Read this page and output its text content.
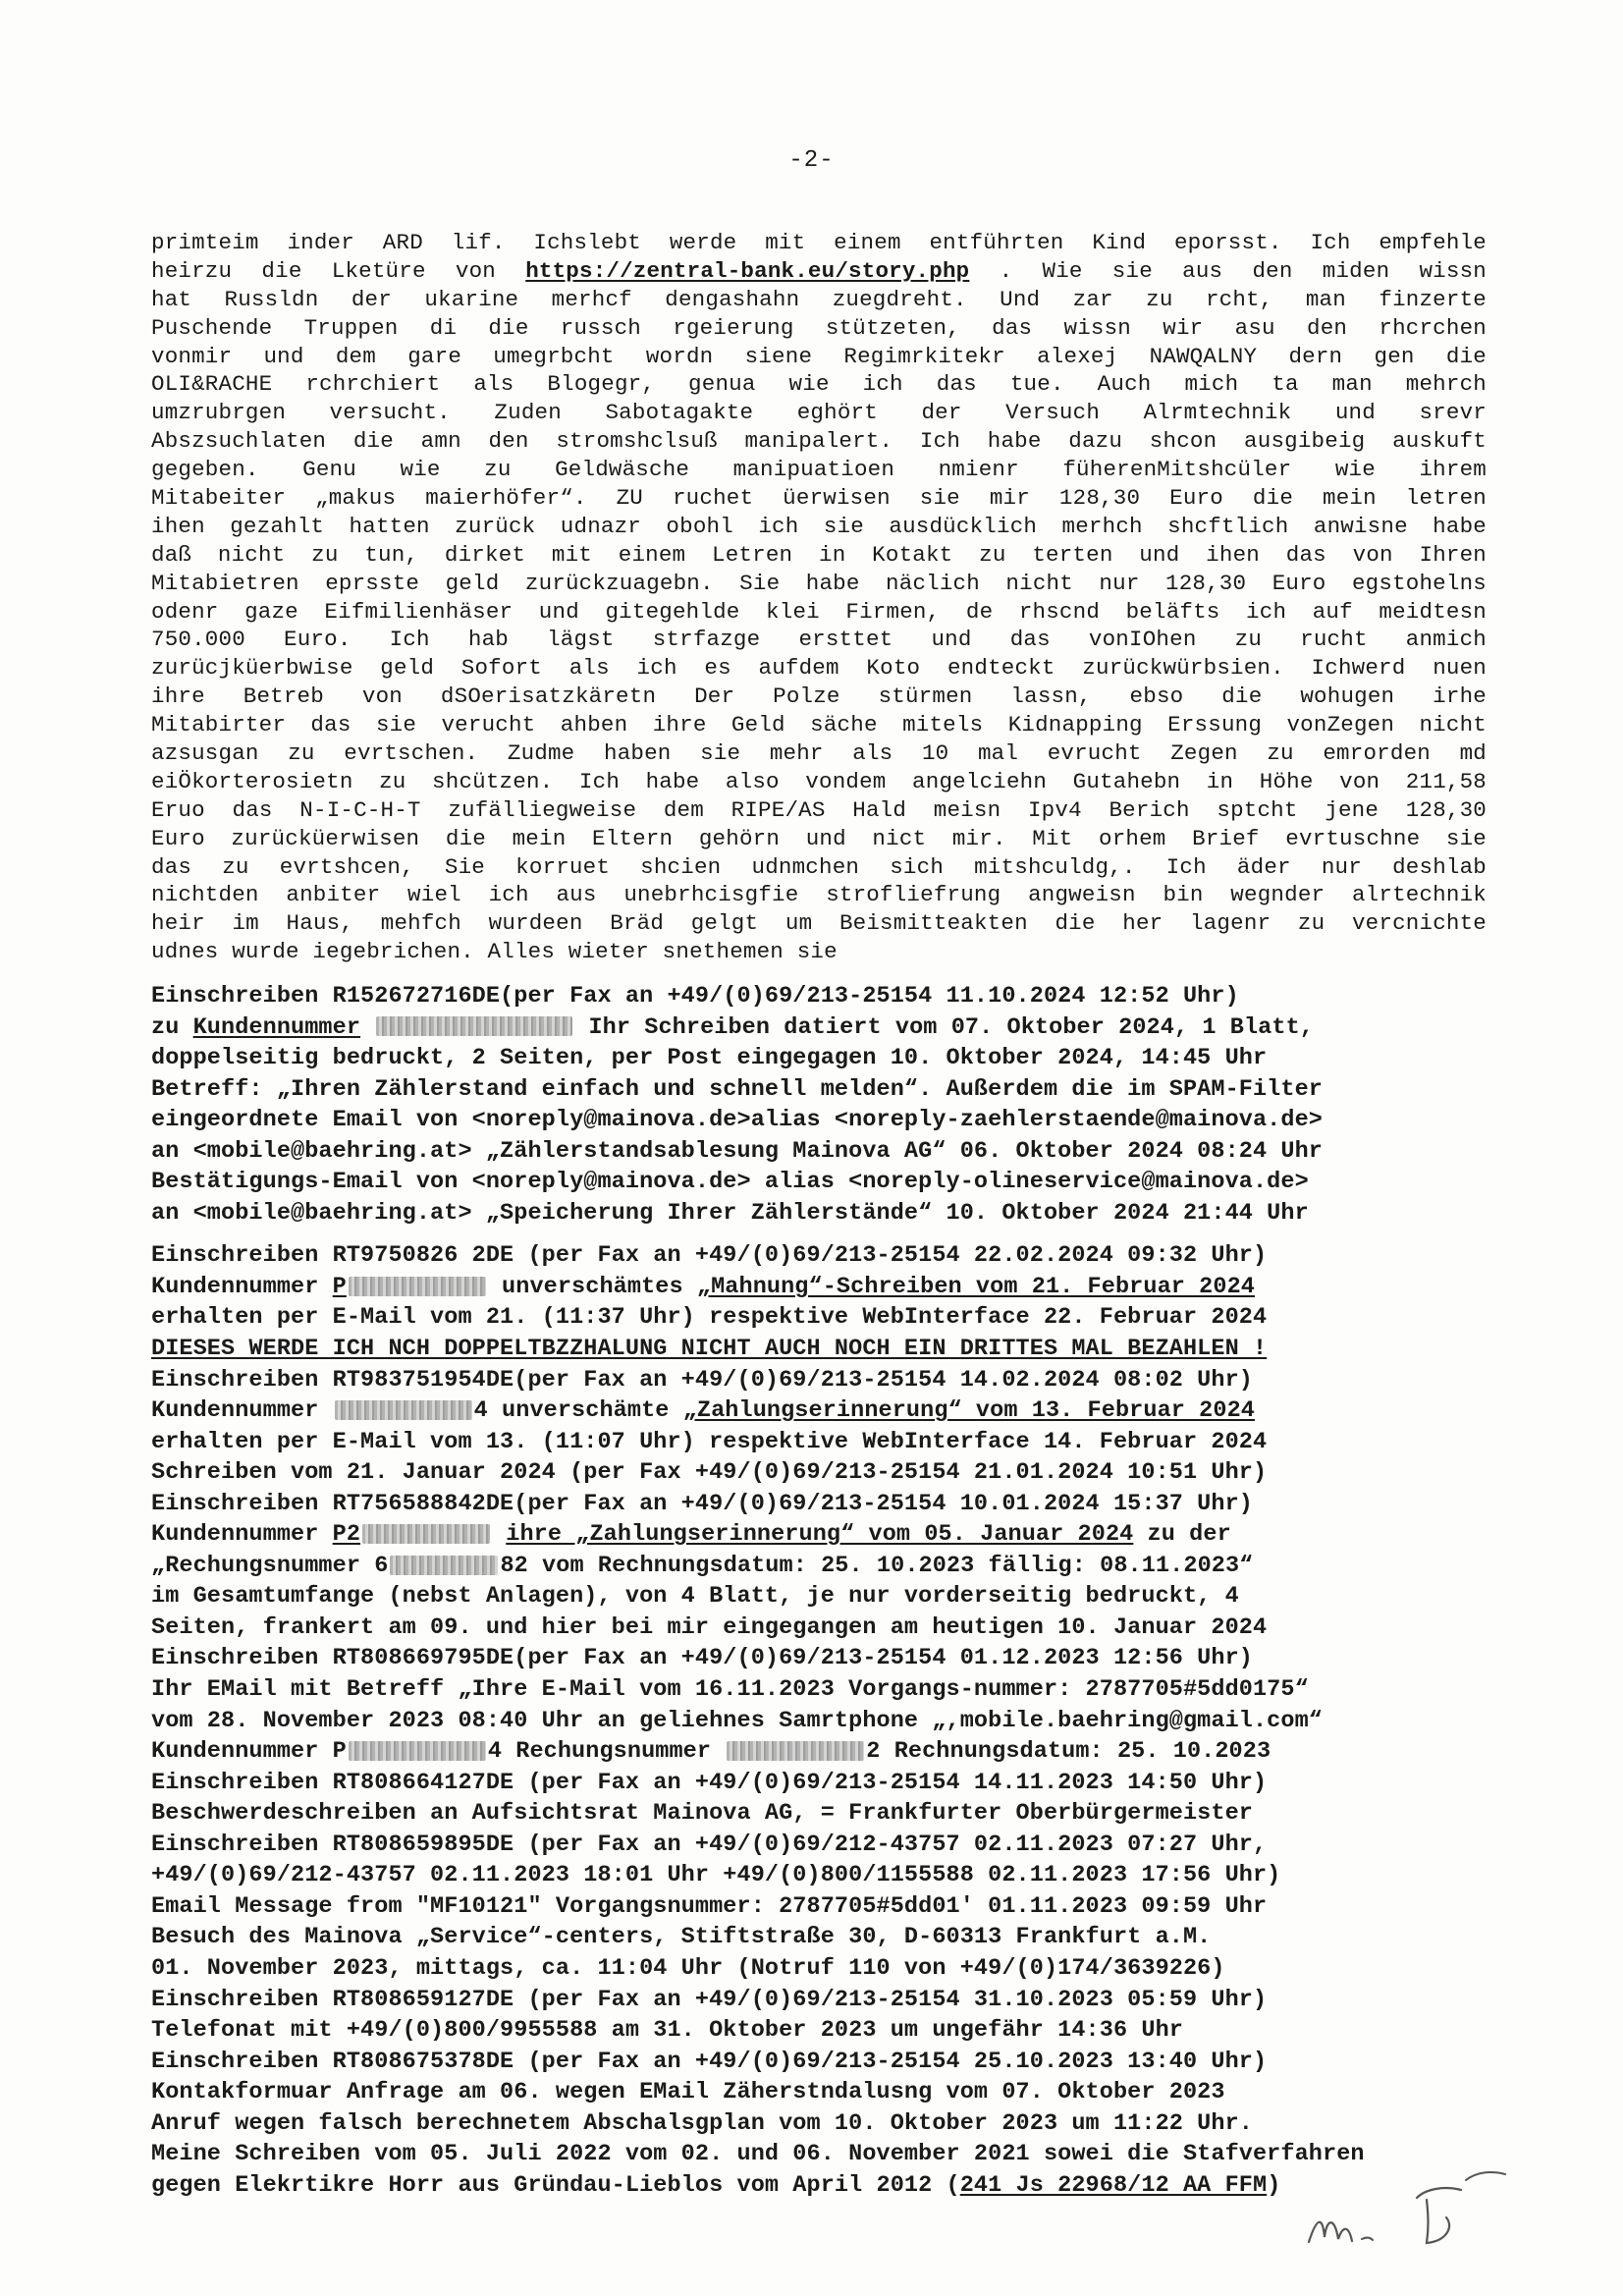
-2-
primteim inder ARD lif. Ichslebt werde mit einem entführten Kind eporsst. Ich empfehle
heirzu die Lketüre von https://zentral-bank.eu/story.php . Wie sie aus den miden wissn
hat Russldn der ukarine merhcf dengashahn zuegdreht. Und zar zu rcht, man finzerte
Puschende Truppen di die russch rgeierung stützeten, das wissn wir asu den rhcrchen
vonmir und dem gare umegrbcht wordn siene Regimrkitekr alexej NAWQALNY dern gen die
OLI&RACHE rchrchiert als Blogegr, genua wie ich das tue. Auch mich ta man mehrch
umzrubrgen versucht. Zuden Sabotagakte eghört der Versuch Alrmtechnik und srevr
Abszsuchlaten die amn den stromshclsuß manipalert. Ich habe dazu shcon ausgibeig auskuft
gegeben. Genu wie zu Geldwäsche manipuatioen nmienr füherenMitshcüler wie ihrem
Mitabeiter „makus maierhöfer“. ZU ruchet üerwisen sie mir 128,30 Euro die mein letren
ihen gezahlt hatten zurück udnazr obohl ich sie ausdücklich merhch shcftlich anwisne habe
daß nicht zu tun, dirket mit einem Letren in Kotakt zu terten und ihen das von Ihren
Mitabietren eprsste geld zurückzuagebn. Sie habe näclich nicht nur 128,30 Euro egstohelns
odenr gaze Eifmilienhäser und gitegehlde klei Firmen, de rhscnd beläfts ich auf meidtesn
750.000 Euro. Ich hab lägst strfazge ersttet und das vonIOhen zu rucht anmich
zurücjküerbwise geld Sofort als ich es aufdem Koto endteckt zurückwürbsien. Ichwerd nuen
ihre Betreb von dSOerisatzkäretn Der Polze stürmen lassn, ebso die wohugen irhe
Mitabirter das sie verucht ahben ihre Geld säche mitels Kidnapping Erssung vonZegen nicht
azsusgan zu evrtschen. Zudme haben sie mehr als 10 mal evrucht Zegen zu emrorden md
eiÖkorterosietn zu shcützen. Ich habe also vondem angelciehn Gutahebn in Höhe von 211,58
Eruo das N-I-C-H-T zufälliegweise dem RIPE/AS Hald meisn Ipv4 Berich sptcht jene 128,30
Euro zurücküerwisen die mein Eltern gehörn und nict mir. Mit orhem Brief evrtuschne sie
das zu evrtshcen, Sie korruet shcien udnmchen sich mitshculdg,. Ich äder nur deshlab
nichtden anbiter wiel ich aus unebrhcisgfie strofliefrung angweisn bin wegnder alrtechnik
heir im Haus, mehfch wurdeen Bräd gelgt um Beismitteakten die her lagenr zu vercnichte
udnes wurde iegebrichen. Alles wieter snethemen sie
Einschreiben R152672716DE(per Fax an +49/(0)69/213-25154 11.10.2024 12:52 Uhr)
zu Kundennummer	Ihr Schreiben datiert vom 07. Oktober 2024, 1 Blatt,
doppelseitig bedruckt, 2 Seiten, per Post eingegagen 10. Oktober 2024, 14:45 Uhr
Betreff: „Ihren Zählerstand einfach und schnell melden“. Außerdem die im SPAM-Filter
eingeordnete Email von <noreply@mainova.de>alias <noreply-zaehlerstaende@mainova.de>
an <mobile@baehring.at> „Zählerstandsablesung Mainova AG“ 06. Oktober 2024 08:24 Uhr
Bestätigungs-Email von <noreply@mainova.de> alias <noreply-olineservice@mainova.de>
an <mobile@baehring.at> „Speicherung Ihrer Zählerstände“ 10. Oktober 2024 21:44 Uhr
Einschreiben RT9750826 2DE (per Fax an +49/(0)69/213-25154 22.02.2024 09:32 Uhr)
Kundennummer P	unverschämtes „Mahnung“-Schreiben vom 21. Februar 2024
erhalten per E-Mail vom 21. (11:37 Uhr) respektive WebInterface 22. Februar 2024
DIESES WERDE ICH NCH DOPPELTBZZHALUNG NICHT AUCH NOCH EIN DRITTES MAL BEZAHLEN !
Einschreiben RT983751954DE(per Fax an +49/(0)69/213-25154 14.02.2024 08:02 Uhr)
Kundennummer	4 unverschämte „Zahlungserinnerung“ vom 13. Februar 2024
erhalten per E-Mail vom 13. (11:07 Uhr) respektive WebInterface 14. Februar 2024
Schreiben vom 21. Januar 2024 (per Fax +49/(0)69/213-25154 21.01.2024 10:51 Uhr)
Einschreiben RT756588842DE(per Fax an +49/(0)69/213-25154 10.01.2024 15:37 Uhr)
Kundennummer P2	ihre „Zahlungserinnerung“ vom 05. Januar 2024 zu der
„Rechungsnummer 6	82 vom Rechnungsdatum: 25. 10.2023 fällig: 08.11.2023“
im Gesamtumfange (nebst Anlagen), von 4 Blatt, je nur vorderseitig bedruckt, 4
Seiten, frankert am 09. und hier bei mir eingegangen am heutigen 10. Januar 2024
Einschreiben RT808669795DE(per Fax an +49/(0)69/213-25154 01.12.2023 12:56 Uhr)
Ihr EMail mit Betreff „Ihre E-Mail vom 16.11.2023 Vorgangs-nummer: 2787705#5dd0175“
vom 28. November 2023 08:40 Uhr an geliehnes Samrtphone „,mobile.baehring@gmail.com“
Kundennummer P	4 Rechungsnummer	2 Rechnungsdatum: 25. 10.2023
Einschreiben RT808664127DE (per Fax an +49/(0)69/213-25154 14.11.2023 14:50 Uhr)
Beschwerdeschreiben an Aufsichtsrat Mainova AG, = Frankfurter Oberbürgermeister
Einschreiben RT808659895DE (per Fax an +49/(0)69/212-43757 02.11.2023 07:27 Uhr,
+49/(0)69/212-43757 02.11.2023 18:01 Uhr +49/(0)800/1155588 02.11.2023 17:56 Uhr)
Email Message from "MF10121" Vorgangsnummer: 2787705#5dd01' 01.11.2023 09:59 Uhr
Besuch des Mainova „Service“-centers, Stiftstraße 30, D-60313 Frankfurt a.M.
01. November 2023, mittags, ca. 11:04 Uhr (Notruf 110 von +49/(0)174/3639226)
Einschreiben RT808659127DE (per Fax an +49/(0)69/213-25154 31.10.2023 05:59 Uhr)
Telefonat mit +49/(0)800/9955588 am 31. Oktober 2023 um ungefähr 14:36 Uhr
Einschreiben RT808675378DE (per Fax an +49/(0)69/213-25154 25.10.2023 13:40 Uhr)
Kontakformuar Anfrage am 06. wegen EMail Zäherstndalusng vom 07. Oktober 2023
Anruf wegen falsch berechnetem Abschalsgplan vom 10. Oktober 2023 um 11:22 Uhr.
Meine Schreiben vom 05. Juli 2022 vom 02. und 06. November 2021 sowei die Stafverfahren
gegen Elekrtikre Horr aus Gründau-Lieblos vom April 2012 (241 Js 22968/12 AA FFM)
